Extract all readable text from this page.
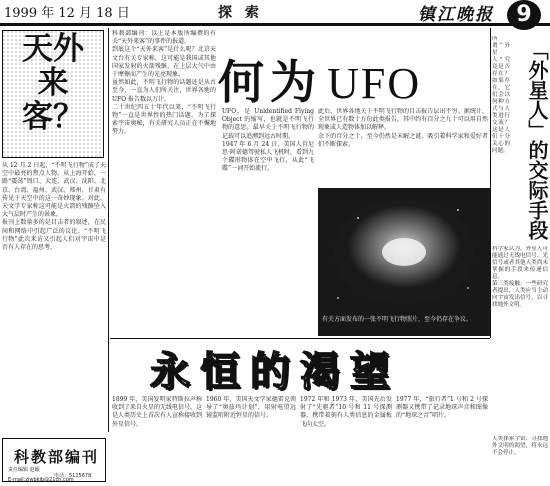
1999 年 12 月 18 日	探 索	镇江晚报	9
天外来客？

从 12 月 2 日起，“不明飞行物”成了天空中最亮的焦点人物。从上海开始，一路“震荡”周口、大连、武汉、沈阳、北京、台湾、福州、武汉、郑州、甘肃有传见于天空中的这一奇妙现象。对此，天文学专家称这可能是火箭的残骸坠入大气层时产生的景象。

报刊上数量多的是目击者的叙述，在民间和网络中引起广泛的议论。“不明飞行物”此次来访又引起人们对宇宙中是否有人存在的思考。

科教部编刊：以上是本版所编撰的有关“天外来客”的事件的报道。

到底这个“天外来客”是什么呢？北京天文台有关专家称，这可能是我国或其他国家发射的火箭残骸，在上层大气中由于摩擦而产生的光亮现象。

虽然如此，不明飞行物的话题还是从古至今，一直为人们所关注，世界各地的 UFO 报告数以万计。

二十世纪四五十年代以来，“不明飞行物”一直是世界性的热门话题。为了探索宇宙奥秘，有关研究人员正在不懈地努力。

何为 UFO

UFO，是 Unidentified Flying Object 的缩写，也就是不明飞行物的意思。最早关于不明飞行物的记载可以追溯到远古时期。

1947 年 6 月 24 日，美国人肯尼思·阿诺德驾驶私人飞机时，看到九个碟形物体在空中飞行，从此“飞碟”一词开始流行。

此后，世界各地关于不明飞行物的目击报告层出不穷。据统计，全世界已有数十万份此类报告，其中约有百分之九十可以用自然现象或人造物体加以解释。

余下的百分之十，至今仍然是未解之谜，吸引着科学家和爱好者们不断探索。

有关方面发布的一张不明飞行物照片，至今仍存在争议。
「外星人」的交际手段

所谓“外星人”究竟是否存在？如果存在，它们会以何种方式与人类进行交流？这是人们十分关心的问题。

科学家认为，外星人可能通过无线电信号、光信号或者其他人类尚未掌握的手段来传递信息。

第三类接触：一些研究者提出，人类应当主动向宇宙发出信号，以寻找地外文明。

永恒的渴望

1899 年，美国发明家特斯拉声称收到了来自火星的无线电信号，这是人类历史上首次有人宣称接收到外星信号。

1960 年，美国天文学家德雷克领导了“奥兹玛计划”，用射电望远镜监听附近恒星的信号。

1972 年和 1973 年，美国先后发射了“先驱者”10 号和 11 号探测器，携带着刻有人类信息的金属板飞向太空。

1977 年，“旅行者”1 号和 2 号探测器又携带了记录地球声音和图像的“地球之音”唱片。

人类探索宇宙、寻找地外文明的渴望，将永远不会停止。

科教部编刊
责任编辑 赵颖
电话：5115678
E-mail:zjwbkjb@21cn.com
